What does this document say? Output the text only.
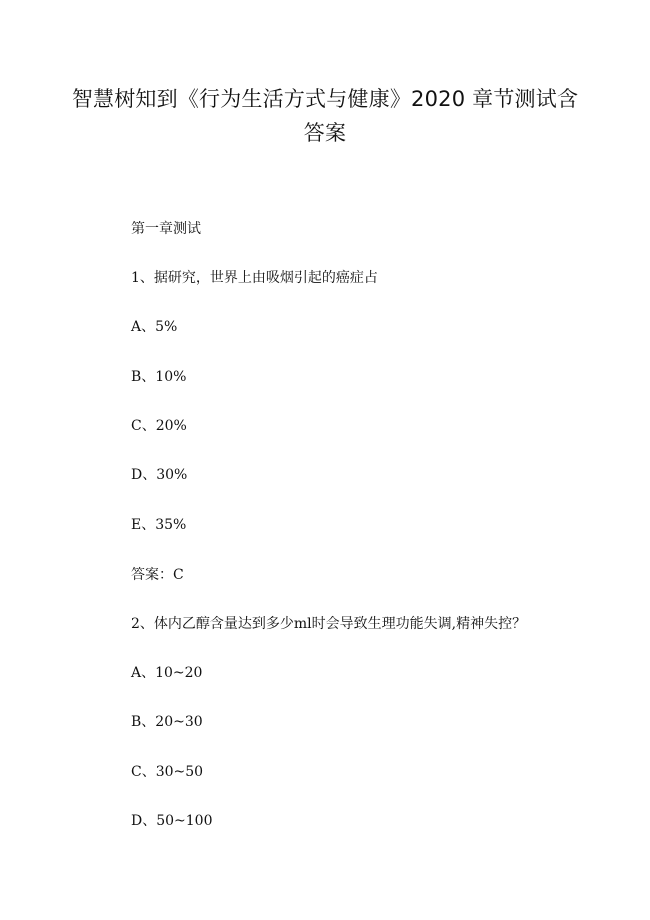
智慧树知到《行为生活方式与健康》2020 章节测试含
答案
第一章测试
1、据研究，世界上由吸烟引起的癌症占
A、5%
B、10%
C、20%
D、30%
E、35%
答案：C
2、体内乙醇含量达到多少ml时会导致生理功能失调,精神失控？
A、10~20
B、20~30
C、30~50
D、50~100
